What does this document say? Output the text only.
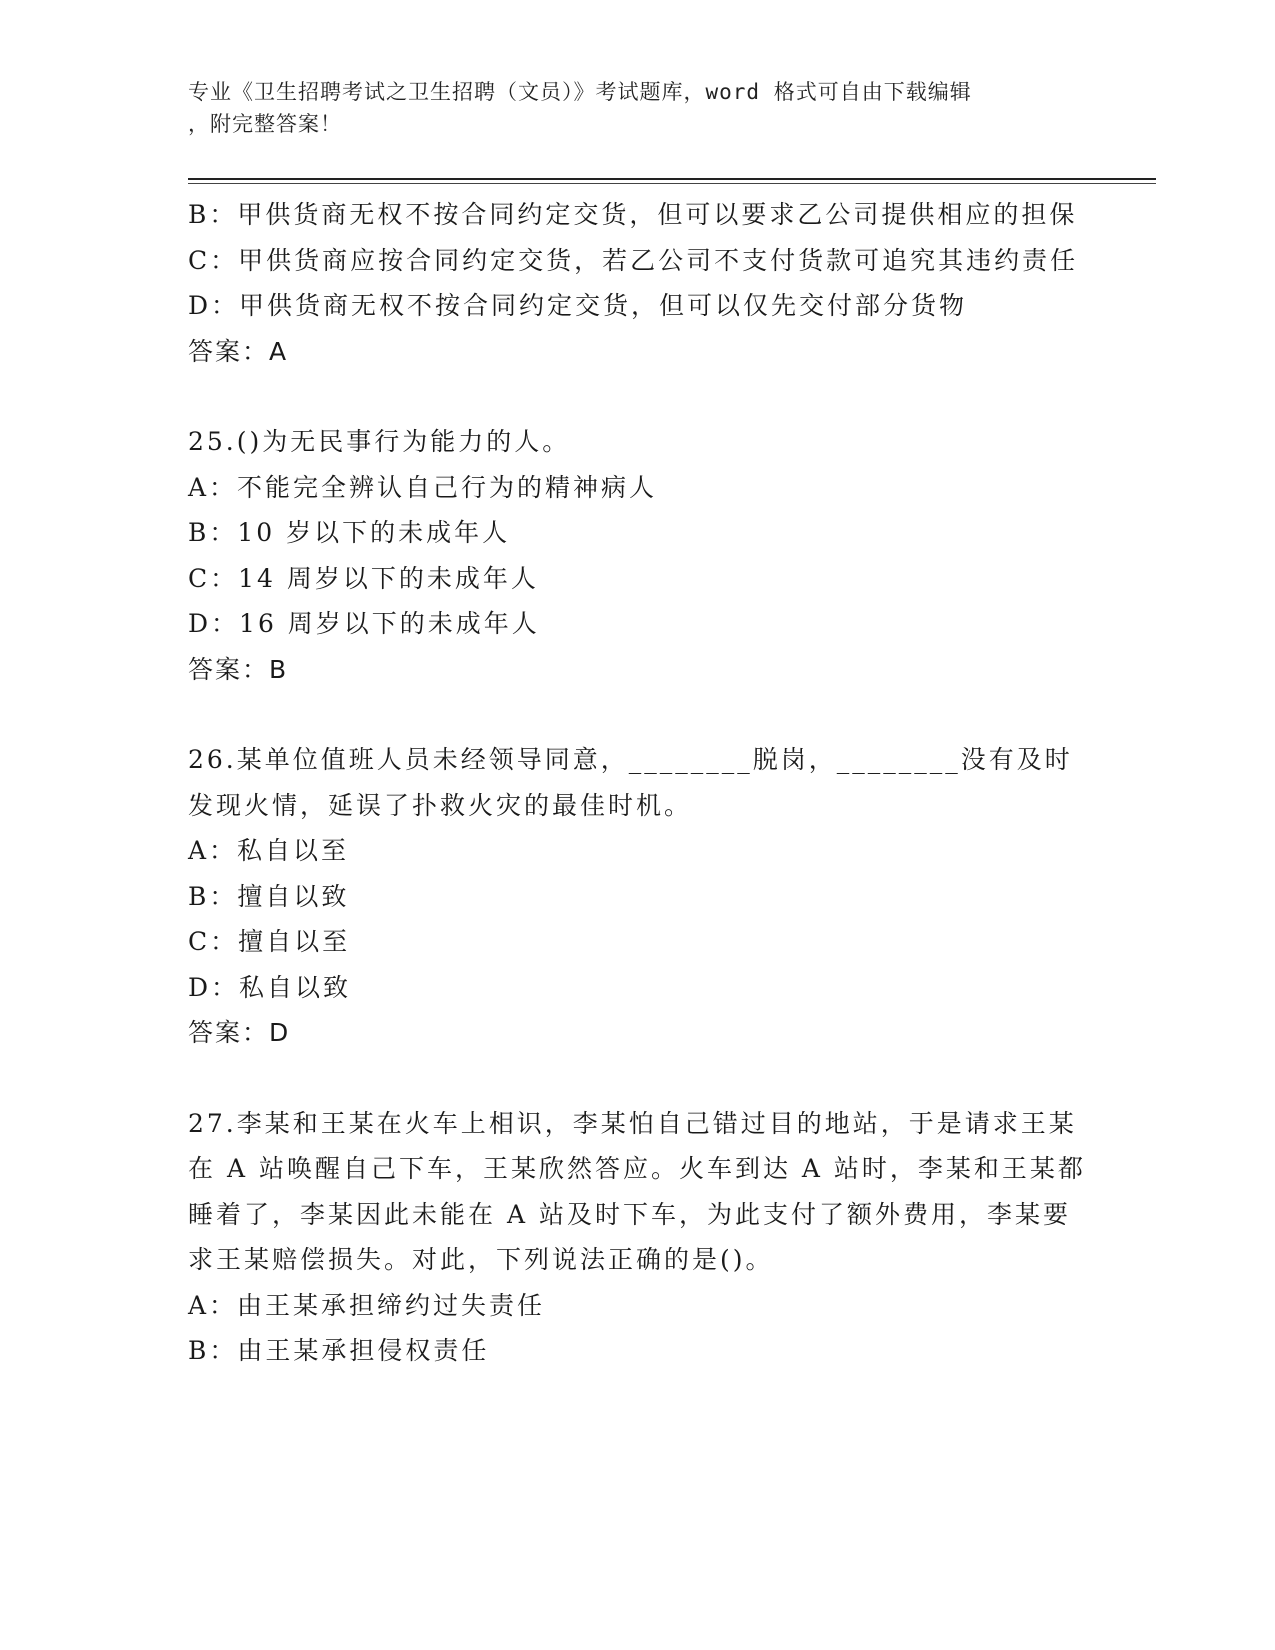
专业《卫生招聘考试之卫生招聘（文员）》考试题库，word 格式可自由下载编辑
，附完整答案！

B：甲供货商无权不按合同约定交货，但可以要求乙公司提供相应的担保

C：甲供货商应按合同约定交货，若乙公司不支付货款可追究其违约责任

D：甲供货商无权不按合同约定交货，但可以仅先交付部分货物

答案：A

25.()为无民事行为能力的人。

A：不能完全辨认自己行为的精神病人

B：10 岁以下的未成年人

C：14 周岁以下的未成年人

D：16 周岁以下的未成年人

答案：B

26.某单位值班人员未经领导同意，________脱岗，________没有及时发现火情，延误了扑救火灾的最佳时机。

A：私自以至

B：擅自以致

C：擅自以至

D：私自以致

答案：D

27.李某和王某在火车上相识，李某怕自己错过目的地站，于是请求王某在 A 站唤醒自己下车，王某欣然答应。火车到达 A 站时，李某和王某都睡着了，李某因此未能在 A 站及时下车，为此支付了额外费用，李某要求王某赔偿损失。对此，下列说法正确的是()。

A：由王某承担缔约过失责任

B：由王某承担侵权责任
